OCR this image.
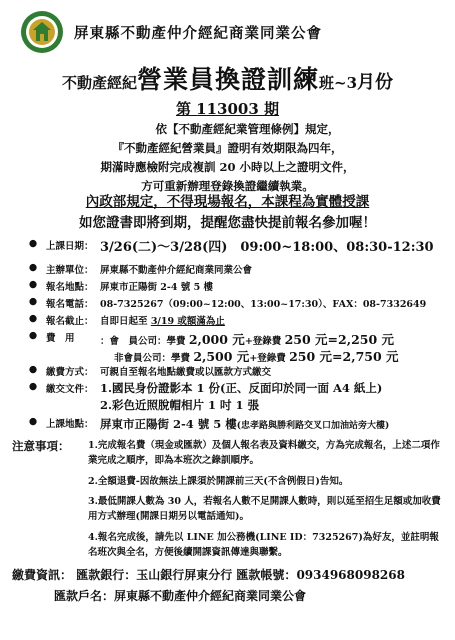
屏東縣不動產仲介經紀商業同業公會
不動產經紀營業員換證訓練班~3月份
第 113003 期
依【不動產經紀業管理條例】規定，
『不動產經紀營業員』證明有效期限為四年，
期滿時應檢附完成複訓 20 小時以上之證明文件，
方可重新辦理登錄換證繼續執業。
內政部規定，不得現場報名，本課程為實體授課
如您證書即將到期，提醒您盡快提前報名參加喔！
● 上課日期： 3/26(二)～3/28(四)　09:00~18:00、08:30-12:30
● 主辦單位： 屏東縣不動產仲介經紀商業同業公會
● 報名地點： 屏東市正陽街 2-4 號 5 樓
● 報名電話： 08-7325267（09:00~12:00、13:00~17:30）、FAX：08-7332649
● 報名截止： 自即日起至 3/19 或額滿為止
● 費　用	：會　員公司：學費 2,000 元+登錄費 250 元=2,250 元
非會員公司：學費 2,500 元+登錄費 250 元=2,750 元
● 繳費方式： 可親自至報名地點繳費或以匯款方式繳交
● 繳交文件： 1.國民身份證影本 1 份(正、反面印於同一面 A4 紙上)
2.彩色近照脫帽相片 1 吋 1 張
● 上課地點： 屏東市正陽街 2-4 號 5 樓(忠孝路與勝利路交叉口加油站旁大樓)
注意事項： 1.完成報名費（現金或匯款）及個人報名表及資料繳交，方為完成報名，上述二項作業完成之順序，即為本班次之錄訓順序。
2.全額退費-因故無法上課須於開課前三天(不含例假日)告知。
3.最低開課人數為 30 人，若報名人數不足開課人數時，則以延至招生足額或加收費用方式辦理(開課日期另以電話通知)。
4.報名完成後，請先以 LINE 加公務機(LINE ID：7325267)為好友，並註明報名班次與全名，方便後續開課資訊傳達與聯繫。
繳費資訊： 匯款銀行：玉山銀行屏東分行 匯款帳號：0934968098268
匯款戶名：屏東縣不動產仲介經紀商業同業公會
